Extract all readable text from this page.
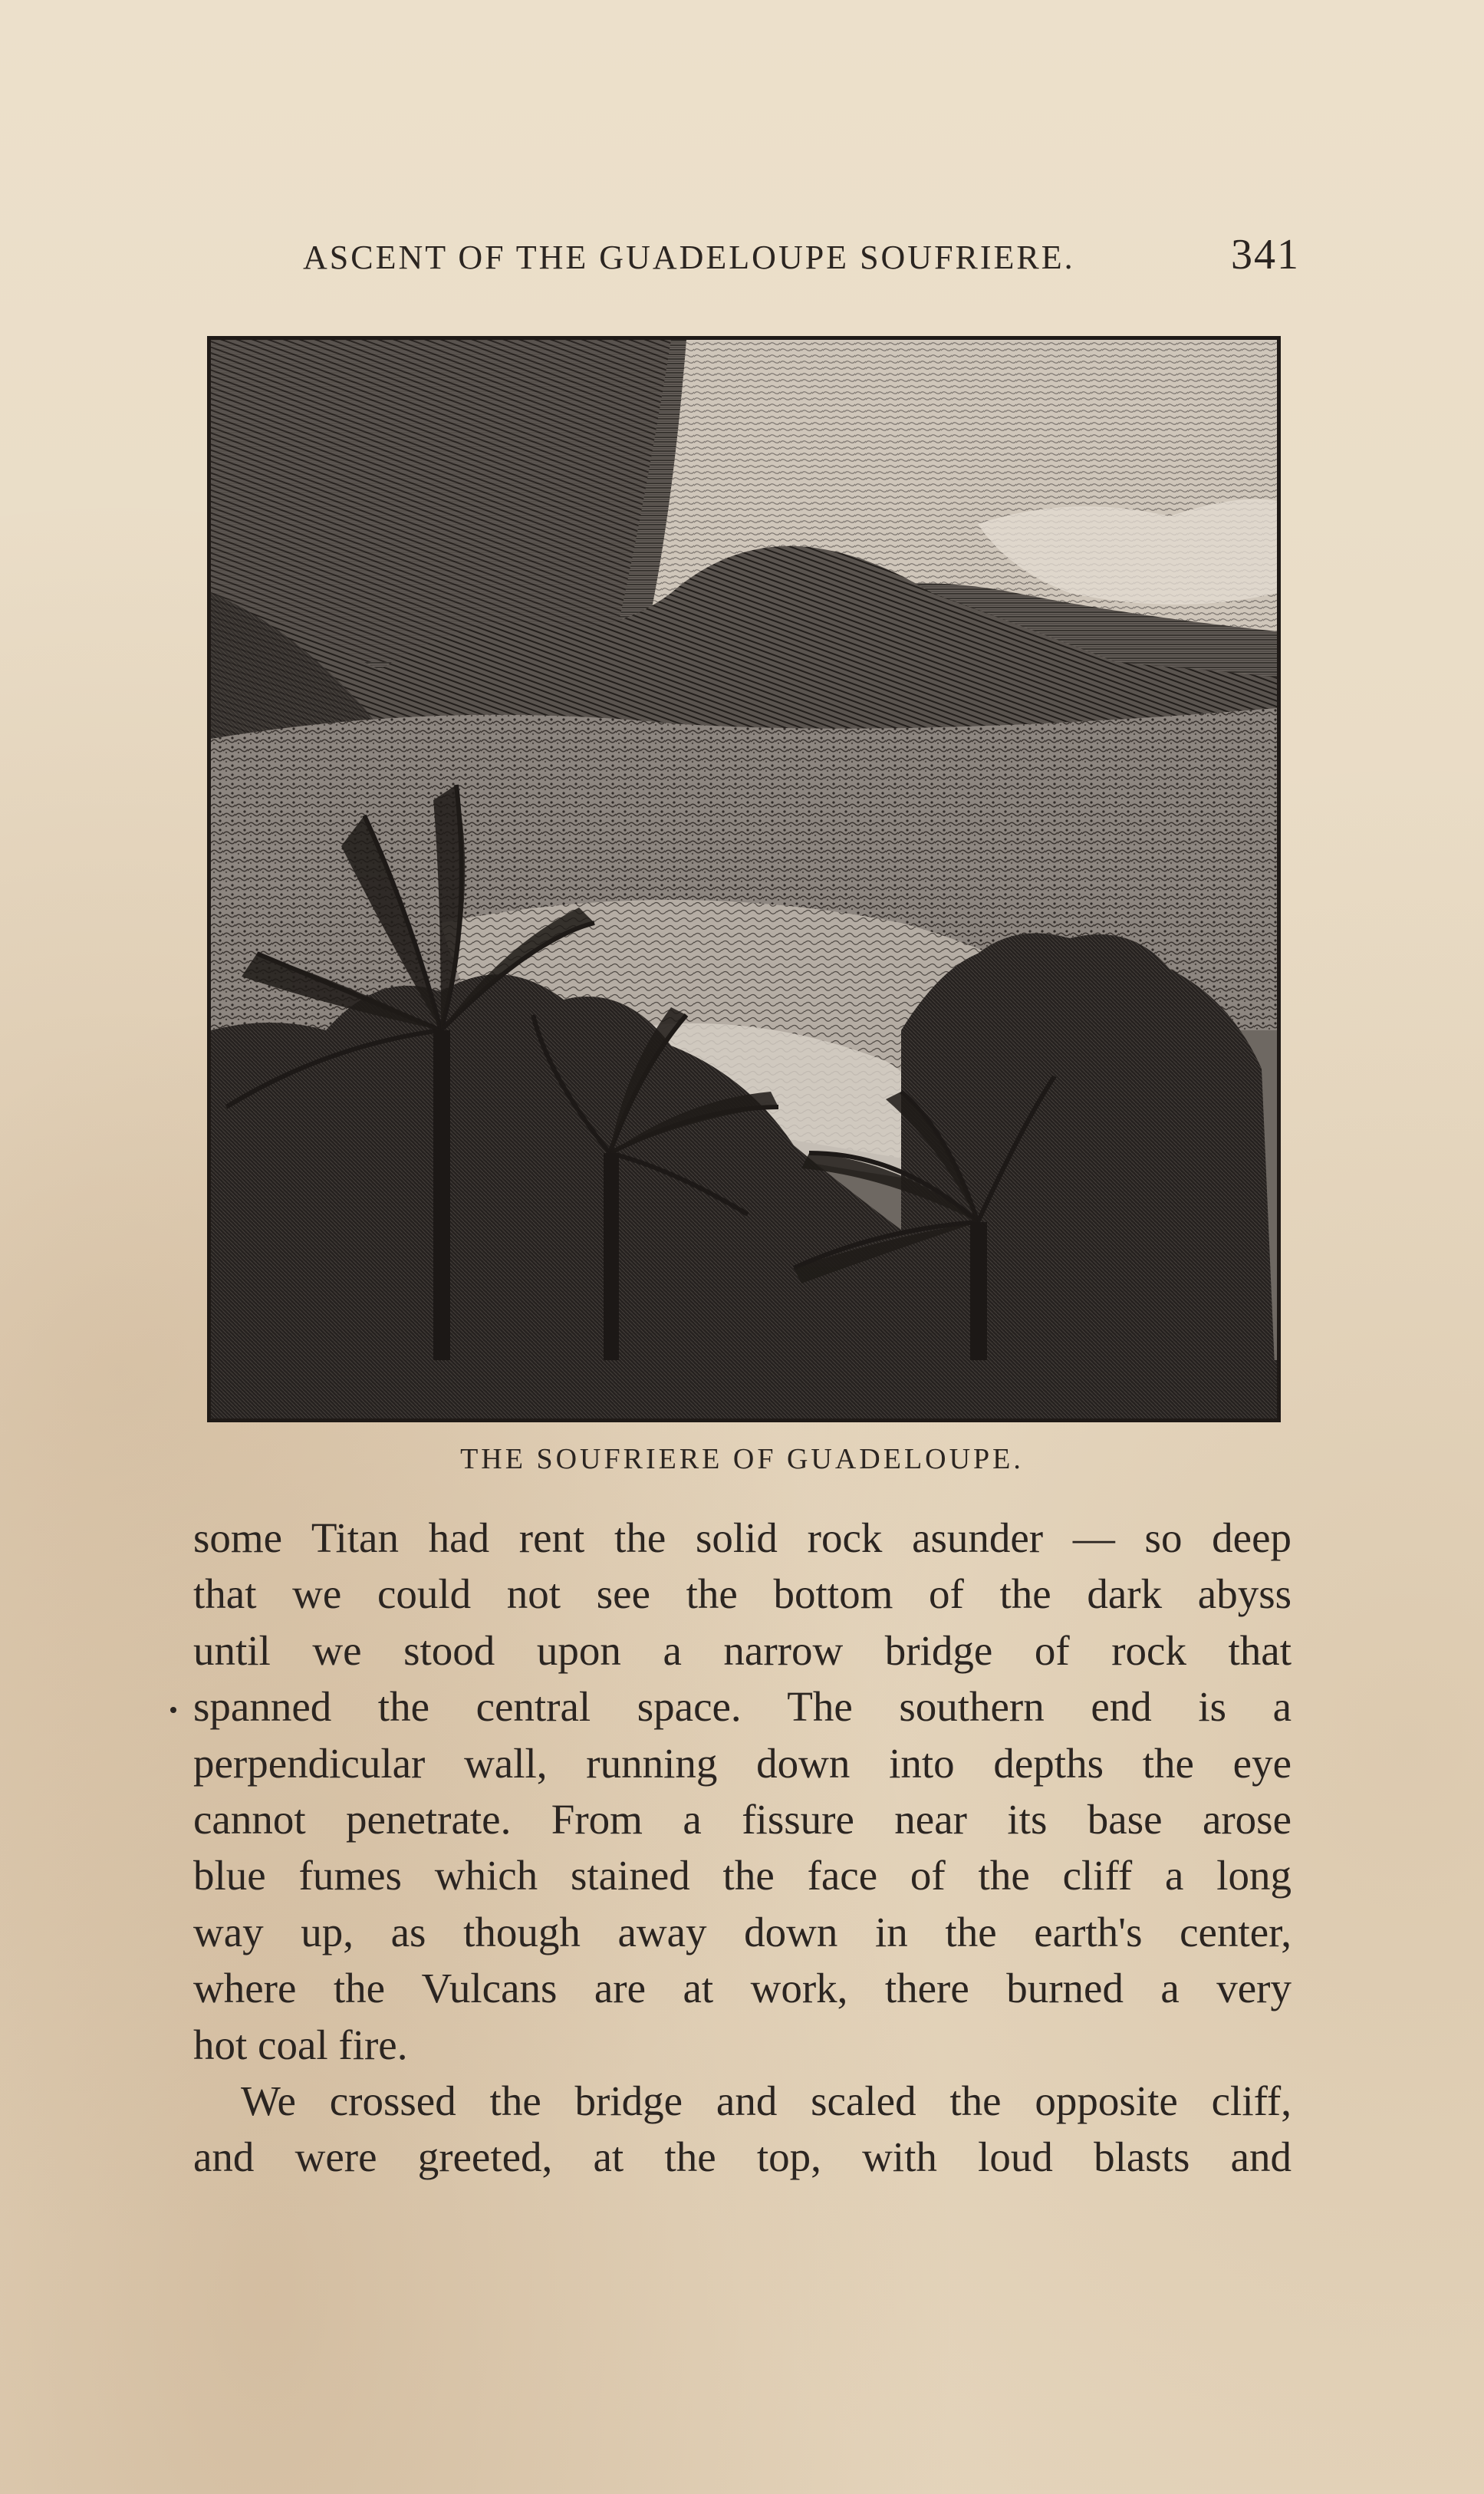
ASCENT OF THE GUADELOUPE SOUFRIERE.	341
THE SOUFRIERE OF GUADELOUPE.
some Titan had rent the solid rock asunder — so deep
that we could not see the bottom of the dark abyss
until we stood upon a narrow bridge of rock that
spanned the central space. The southern end is a
perpendicular wall, running down into depths the eye
cannot penetrate. From a fissure near its base arose
blue fumes which stained the face of the cliff a long
way up, as though away down in the earth's center,
where the Vulcans are at work, there burned a very
hot coal fire.
We crossed the bridge and scaled the opposite cliff,
and were greeted, at the top, with loud blasts and
